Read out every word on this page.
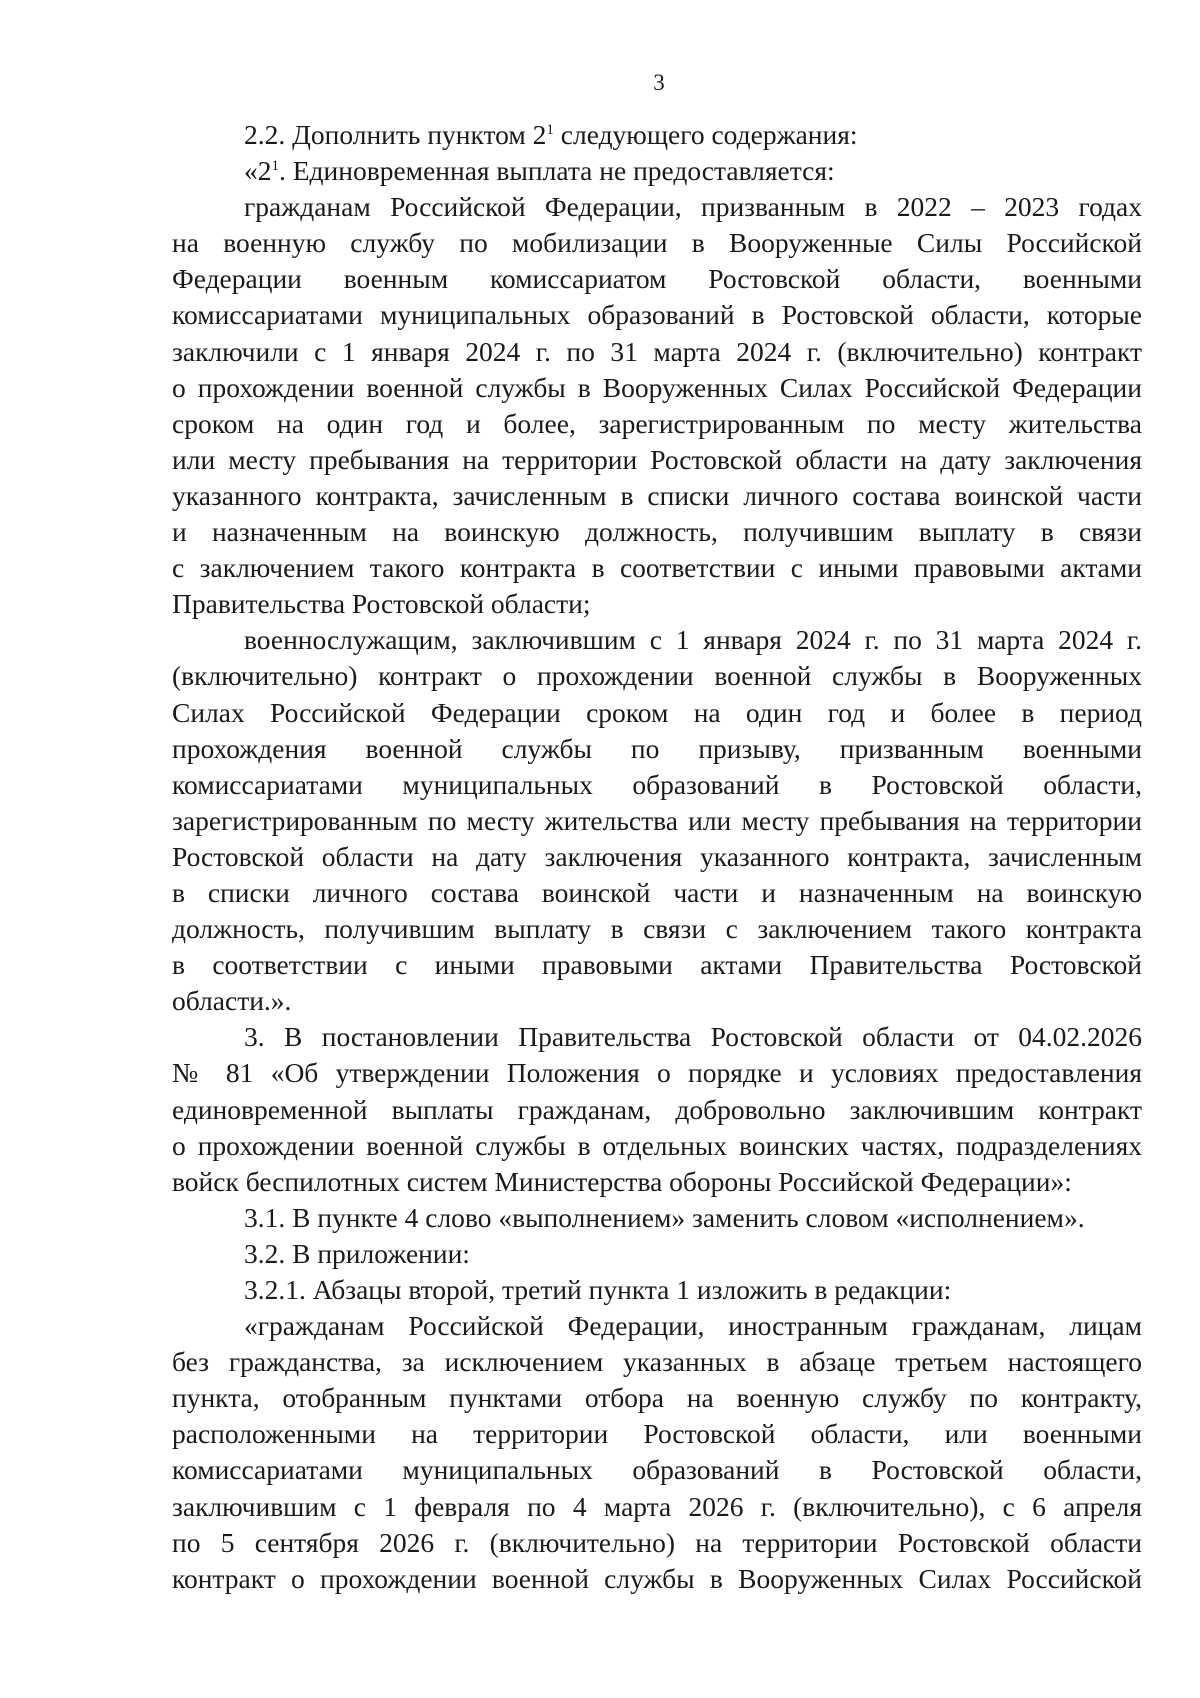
3
2.2. Дополнить пунктом $2^1$ следующего содержания:
«$2^1$. Единовременная выплата не предоставляется:
гражданам Российской Федерации, призванным в 2022 – 2023 годах
на военную службу по мобилизации в Вооруженные Силы Российской
Федерации военным комиссариатом Ростовской области, военными
комиссариатами муниципальных образований в Ростовской области, которые
заключили с 1 января 2024 г. по 31 марта 2024 г. (включительно) контракт
о прохождении военной службы в Вооруженных Силах Российской Федерации
сроком на один год и более, зарегистрированным по месту жительства
или месту пребывания на территории Ростовской области на дату заключения
указанного контракта, зачисленным в списки личного состава воинской части
и назначенным на воинскую должность, получившим выплату в связи
с заключением такого контракта в соответствии с иными правовыми актами
Правительства Ростовской области;
военнослужащим, заключившим с 1 января 2024 г. по 31 марта 2024 г.
(включительно) контракт о прохождении военной службы в Вооруженных
Силах Российской Федерации сроком на один год и более в период
прохождения военной службы по призыву, призванным военными
комиссариатами муниципальных образований в Ростовской области,
зарегистрированным по месту жительства или месту пребывания на территории
Ростовской области на дату заключения указанного контракта, зачисленным
в списки личного состава воинской части и назначенным на воинскую
должность, получившим выплату в связи с заключением такого контракта
в соответствии с иными правовыми актами Правительства Ростовской
области.».
3. В постановлении Правительства Ростовской области от 04.02.2026
№ 81 «Об утверждении Положения о порядке и условиях предоставления
единовременной выплаты гражданам, добровольно заключившим контракт
о прохождении военной службы в отдельных воинских частях, подразделениях
войск беспилотных систем Министерства обороны Российской Федерации»:
3.1. В пункте 4 слово «выполнением» заменить словом «исполнением».
3.2. В приложении:
3.2.1. Абзацы второй, третий пункта 1 изложить в редакции:
«гражданам Российской Федерации, иностранным гражданам, лицам
без гражданства, за исключением указанных в абзаце третьем настоящего
пункта, отобранным пунктами отбора на военную службу по контракту,
расположенными на территории Ростовской области, или военными
комиссариатами муниципальных образований в Ростовской области,
заключившим с 1 февраля по 4 марта 2026 г. (включительно), с 6 апреля
по 5 сентября 2026 г. (включительно) на территории Ростовской области
контракт о прохождении военной службы в Вооруженных Силах Российской
